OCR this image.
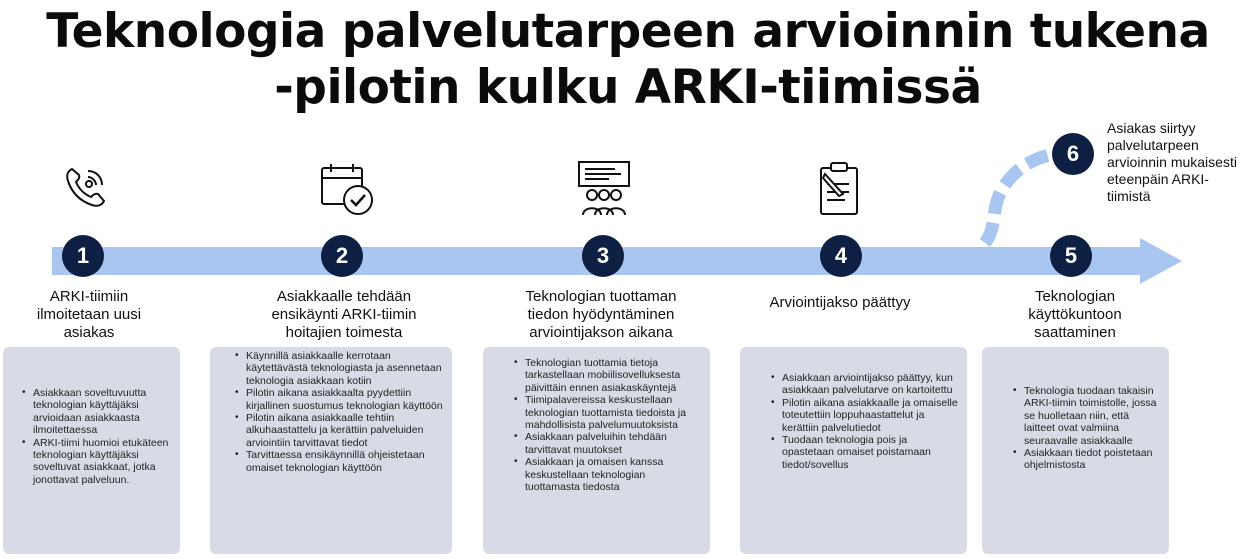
Teknologia palvelutarpeen arvioinnin tukena
-pilotin kulku ARKI-tiimissä
1	2	3	4	5
6
Asiakas siirtyy
palvelutarpeen
arvioinnin mukaisesti
eteenpäin ARKI-
tiimistä
ARKI-tiimiin
ilmoitetaan uusi
asiakas
Asiakkaalle tehdään
ensikäynti ARKI-tiimin
hoitajien toimesta
Teknologian tuottaman
tiedon hyödyntäminen
arviointijakson aikana
Arviointijakso päättyy	Teknologian
käyttökuntoon
saattaminen
• Asiakkaan soveltuvuutta teknologian käyttäjäksi arvioidaan asiakkaasta ilmoitettaessa
• ARKI-tiimi huomioi etukäteen teknologian käyttäjäksi soveltuvat asiakkaat, jotka jonottavat palveluun.
• Käynnillä asiakkaalle kerrotaan käytettävästä teknologiasta ja asennetaan teknologia asiakkaan kotiin
• Pilotin aikana asiakkaalta pyydettiin kirjallinen suostumus teknologian käyttöön
• Pilotin aikana asiakkaalle tehtiin alkuhaastattelu ja kerättiin palveluiden arviointiin tarvittavat tiedot
• Tarvittaessa ensikäynnillä ohjeistetaan omaiset teknologian käyttöön
• Teknologian tuottamia tietoja tarkastellaan mobiilisovelluksesta päivittäin ennen asiakaskäyntejä
• Tiimipalavereissa keskustellaan teknologian tuottamista tiedoista ja mahdollisista palvelumuutoksista
• Asiakkaan palveluihin tehdään tarvittavat muutokset
• Asiakkaan ja omaisen kanssa keskustellaan teknologian tuottamasta tiedosta
• Asiakkaan arviointijakso päättyy, kun asiakkaan palvelutarve on kartoitettu
• Pilotin aikana asiakkaalle ja omaiselle toteutettiin loppuhaastattelut ja kerättiin palvelutiedot
• Tuodaan teknologia pois ja opastetaan omaiset poistamaan tiedot/sovellus
• Teknologia tuodaan takaisin ARKI-tiimin toimistolle, jossa se huolletaan niin, että laitteet ovat valmiina seuraavalle asiakkaalle
• Asiakkaan tiedot poistetaan ohjelmistosta
